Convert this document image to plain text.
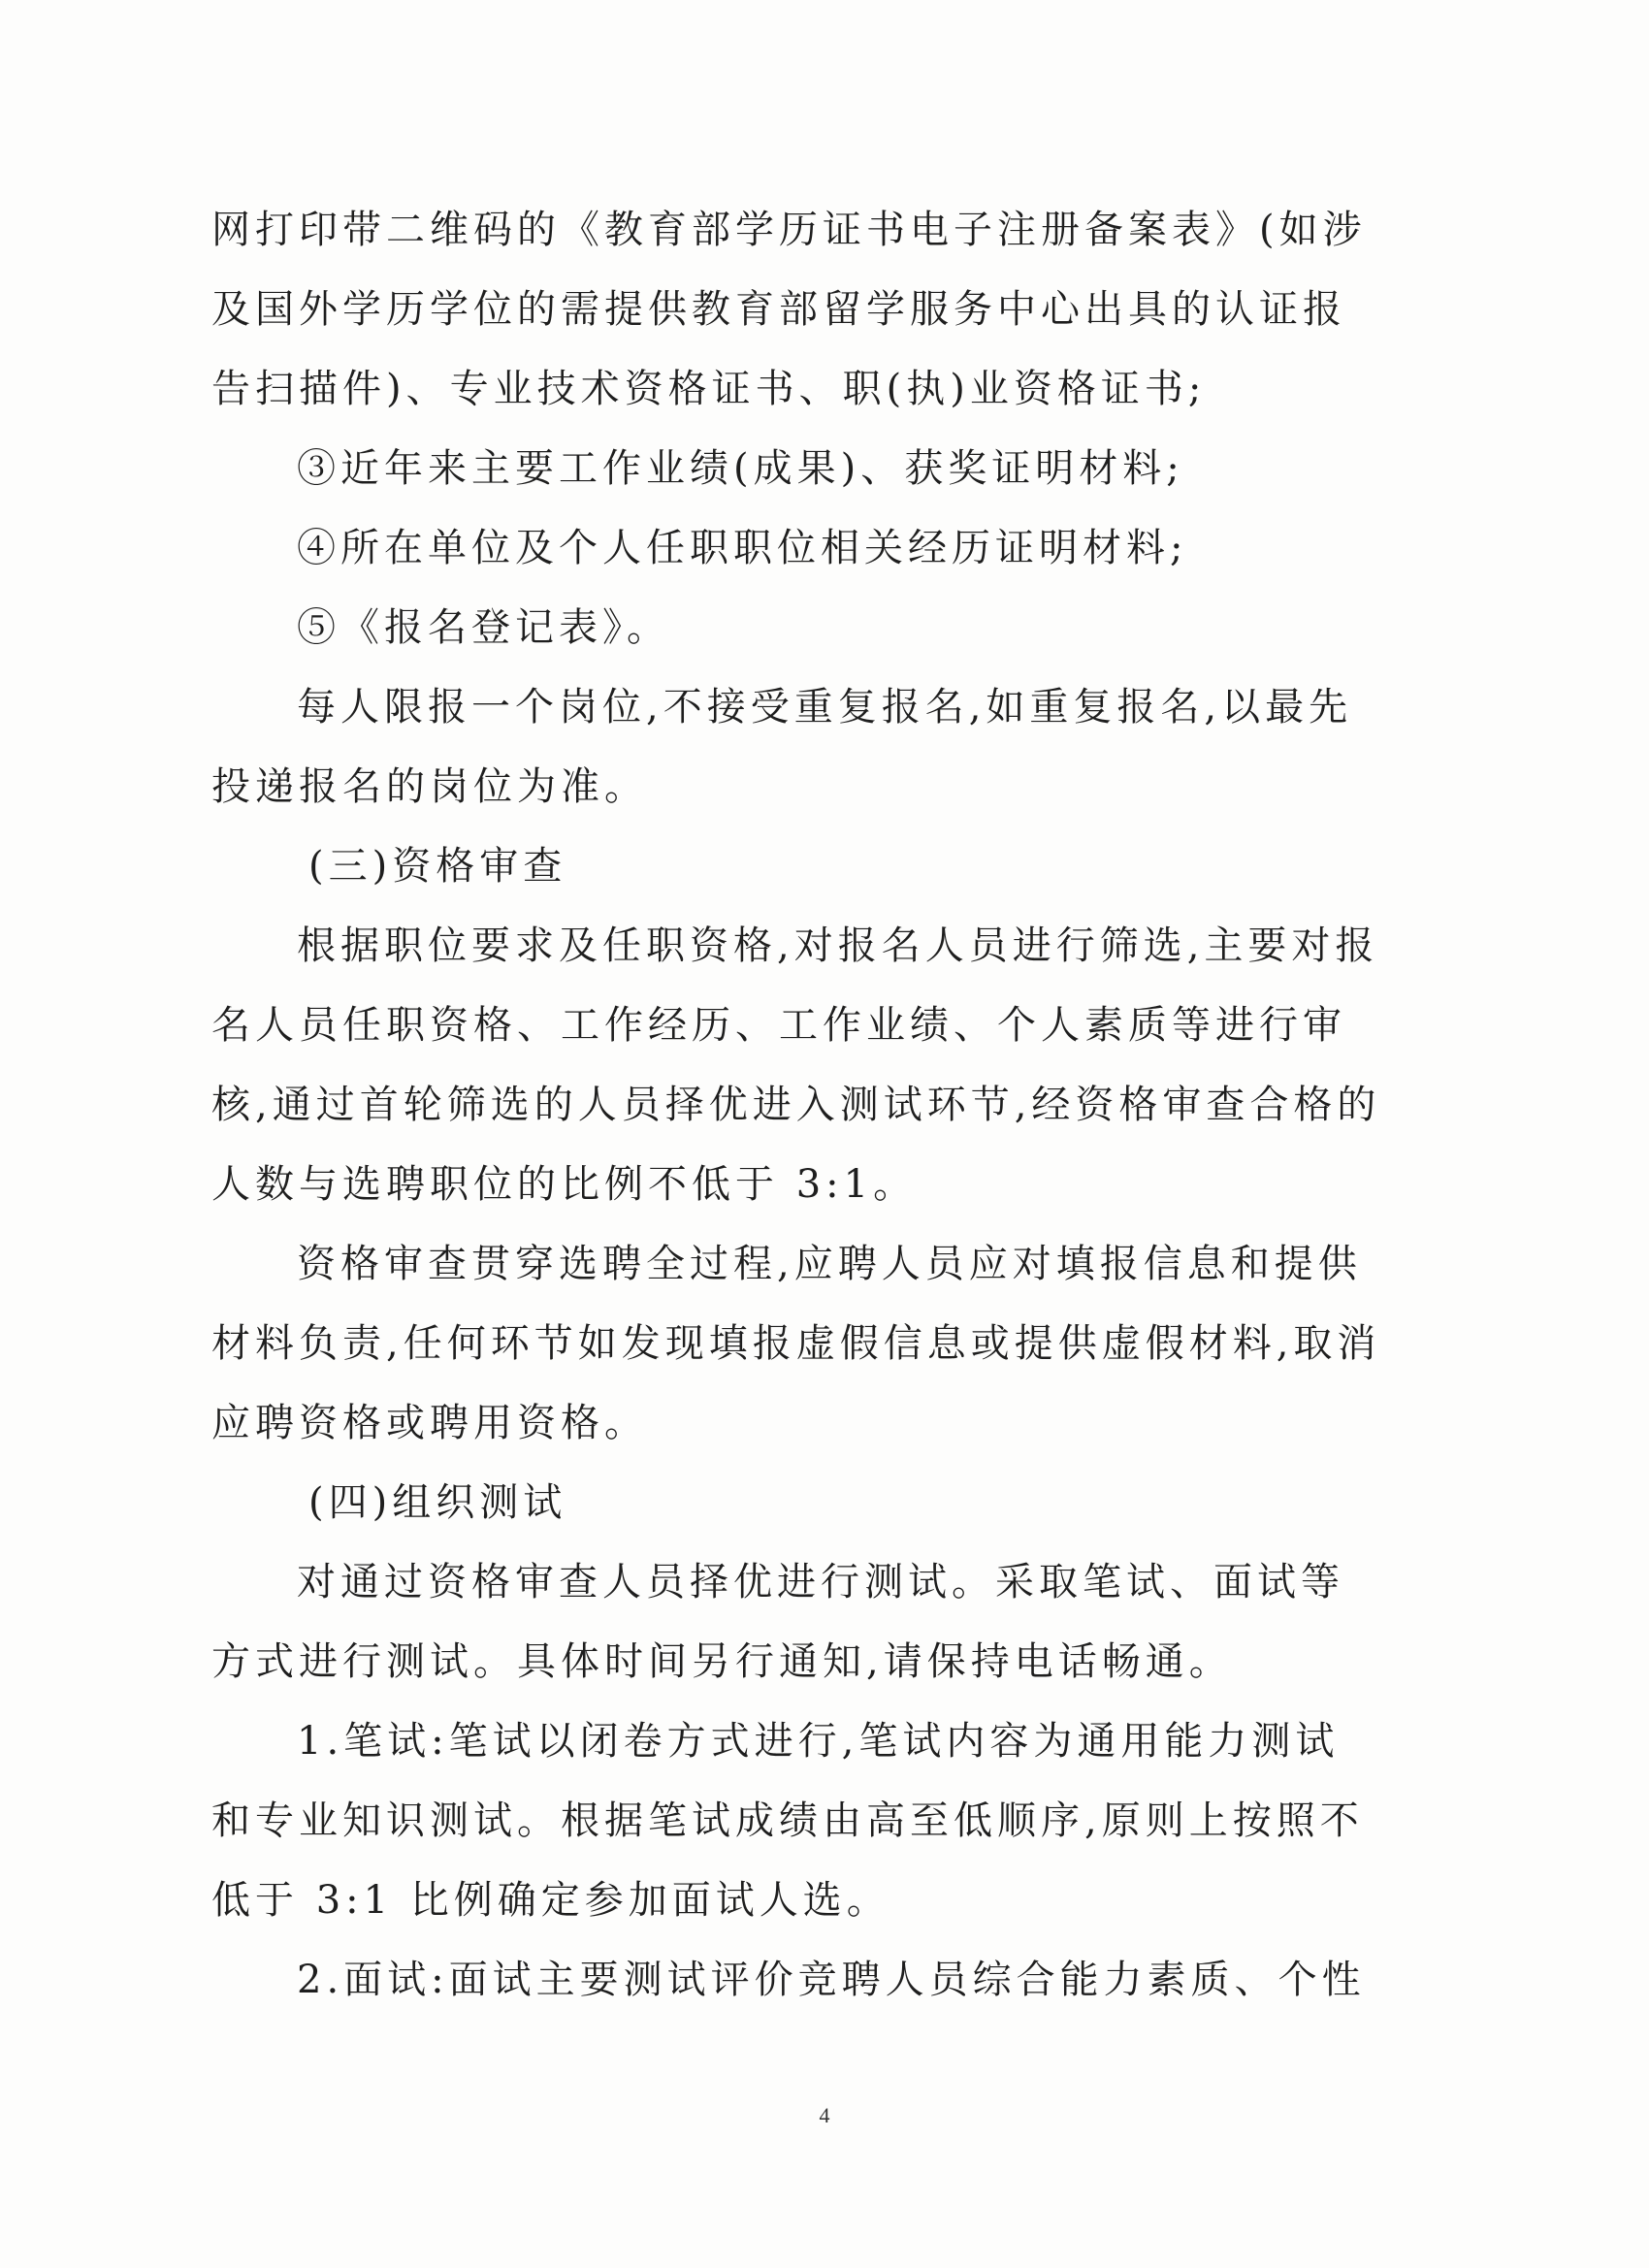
网打印带二维码的《教育部学历证书电子注册备案表》(如涉及国外学历学位的需提供教育部留学服务中心出具的认证报告扫描件)、专业技术资格证书、职(执)业资格证书;

③近年来主要工作业绩(成果)、获奖证明材料;

④所在单位及个人任职职位相关经历证明材料;

⑤《报名登记表》。

每人限报一个岗位,不接受重复报名,如重复报名,以最先投递报名的岗位为准。

(三)资格审查

根据职位要求及任职资格,对报名人员进行筛选,主要对报名人员任职资格、工作经历、工作业绩、个人素质等进行审核,通过首轮筛选的人员择优进入测试环节,经资格审查合格的人数与选聘职位的比例不低于 3:1。

资格审查贯穿选聘全过程,应聘人员应对填报信息和提供材料负责,任何环节如发现填报虚假信息或提供虚假材料,取消应聘资格或聘用资格。

(四)组织测试

对通过资格审查人员择优进行测试。采取笔试、面试等方式进行测试。具体时间另行通知,请保持电话畅通。

1.笔试:笔试以闭卷方式进行,笔试内容为通用能力测试和专业知识测试。根据笔试成绩由高至低顺序,原则上按照不低于 3:1 比例确定参加面试人选。

2.面试:面试主要测试评价竞聘人员综合能力素质、个性

4
